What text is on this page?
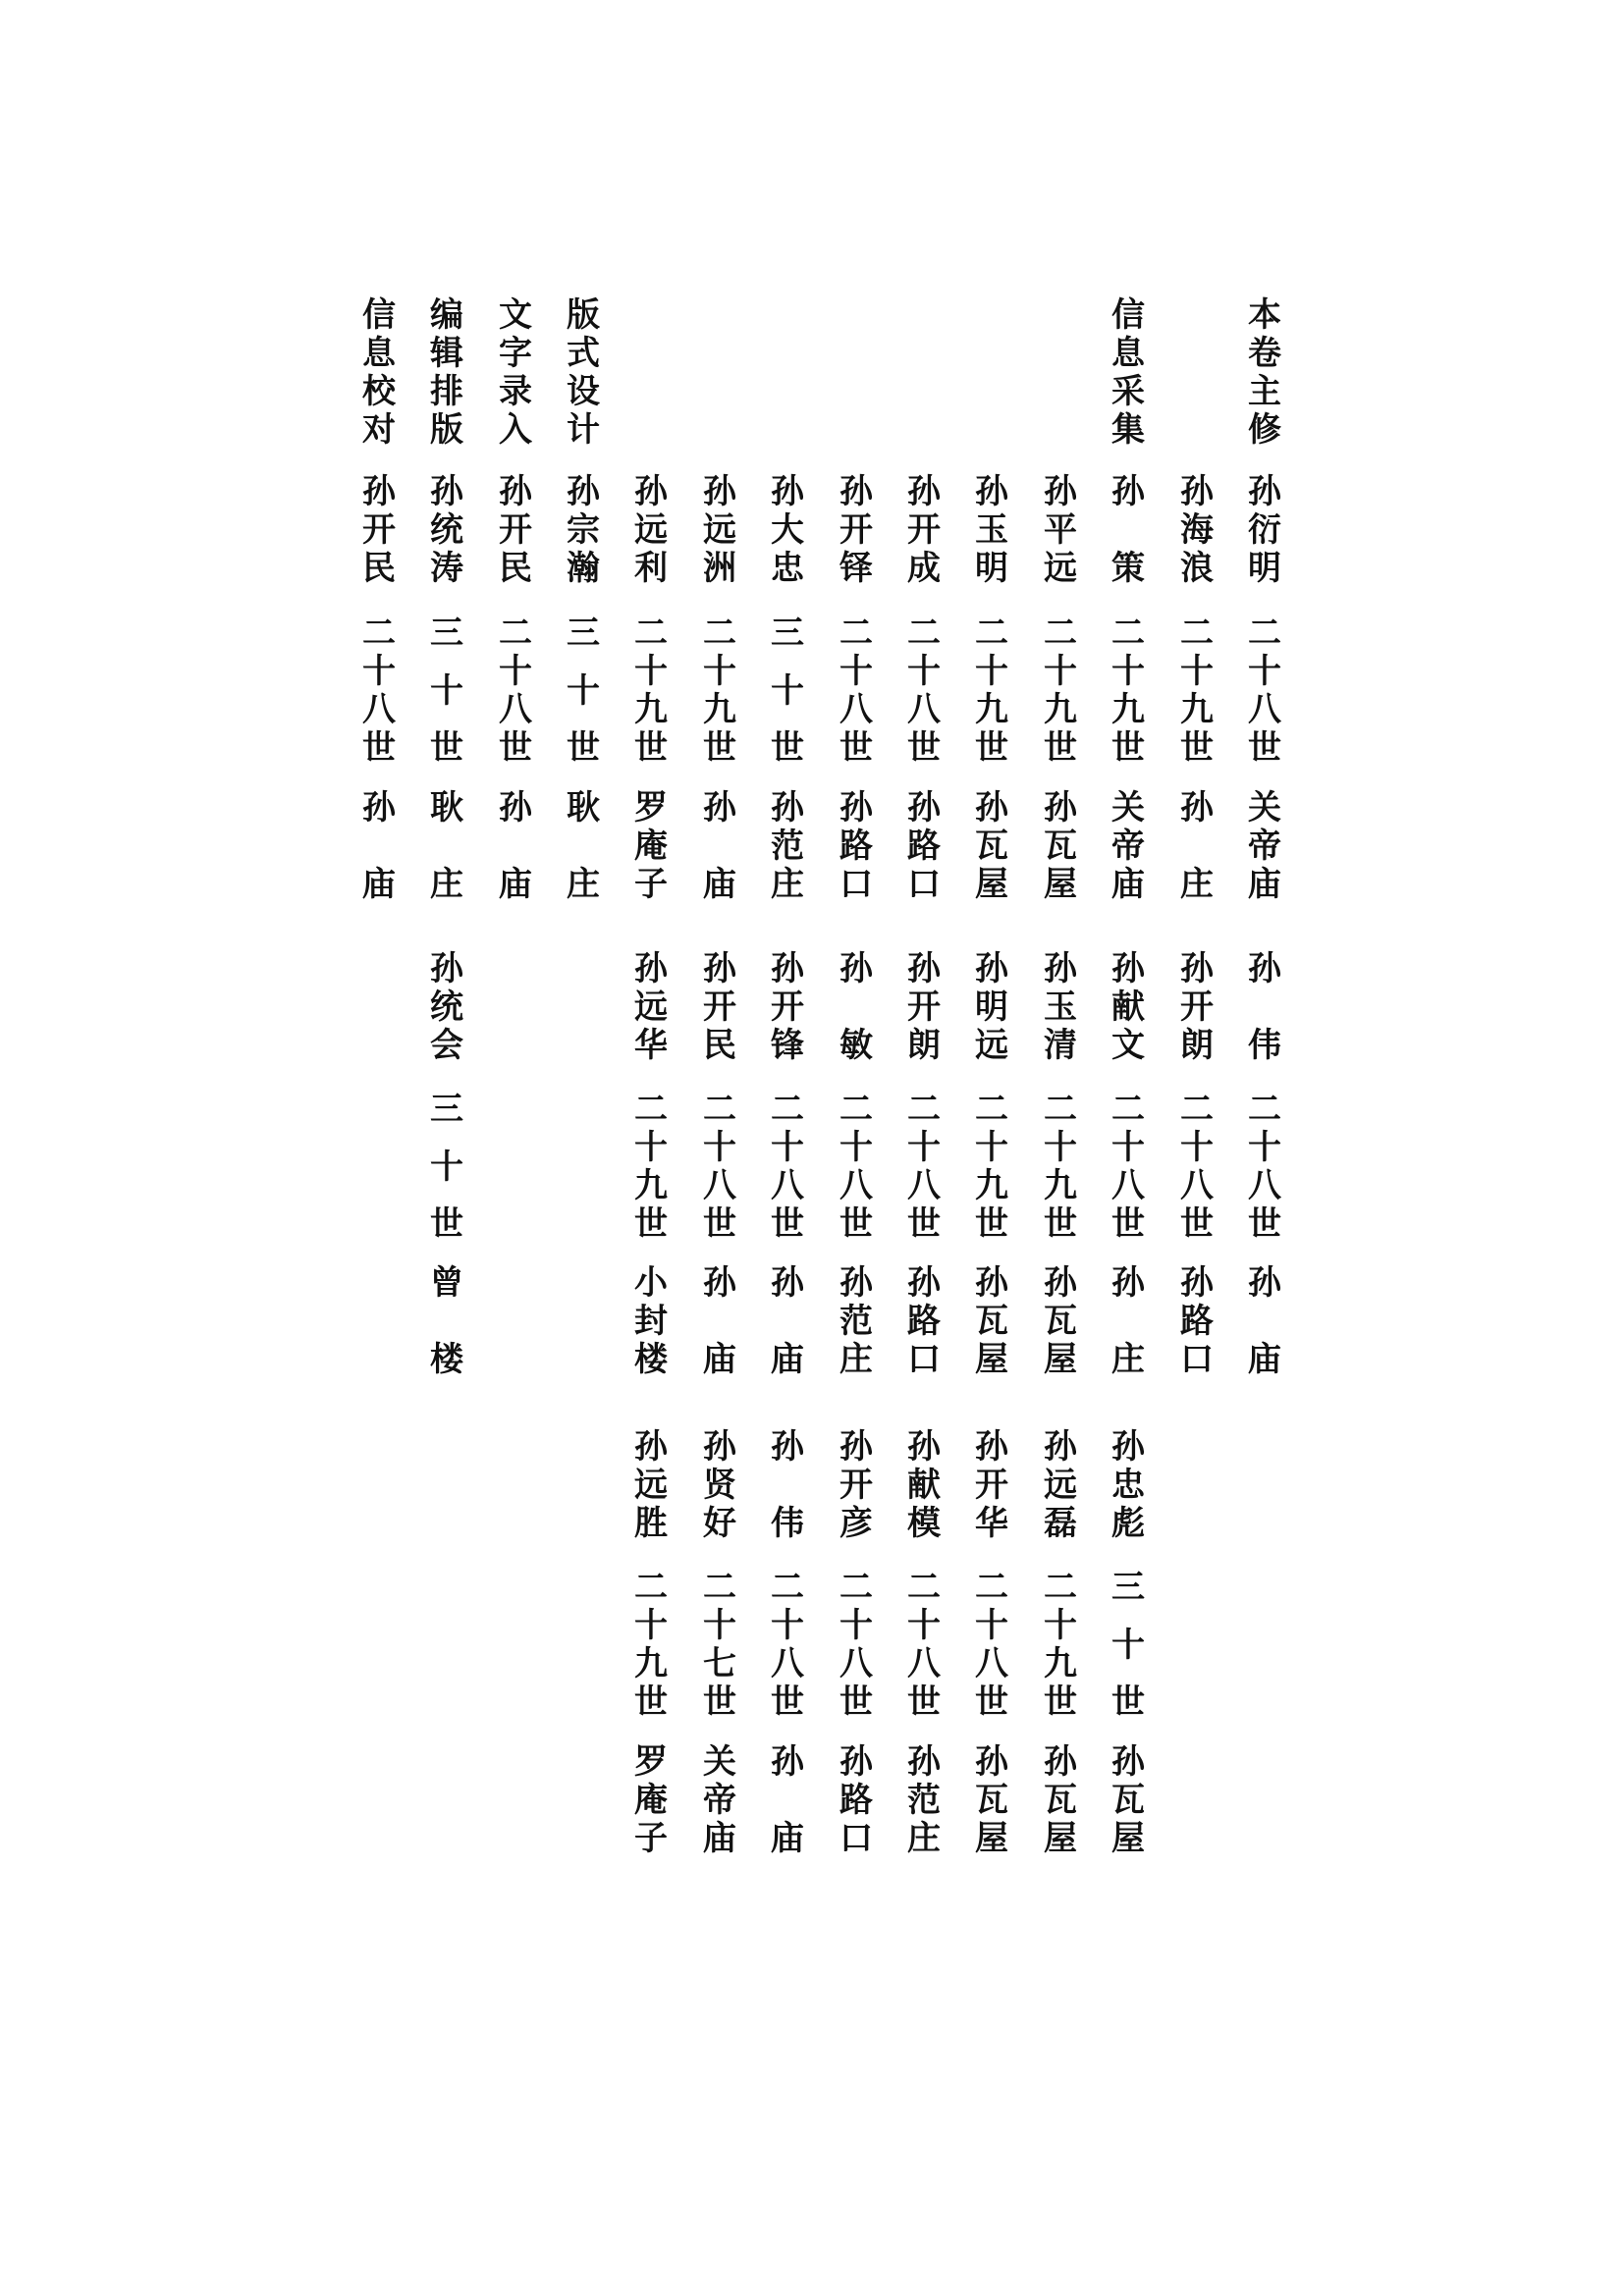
本
卷
主
修
孙
衍
明
二
十
八
世
关
帝
庙
孙
伟
二
十
八
世
孙
庙
孙
海
浪
二
十
九
世
孙
庄
孙
开
朗
二
十
八
世
孙
路
口
信
息
采
集
孙
策
二
十
九
世
关
帝
庙
孙
献
文
二
十
八
世
孙
庄
孙
忠
彪
三
十
世
孙
瓦
屋
孙
平
远
二
十
九
世
孙
瓦
屋
孙
玉
清
二
十
九
世
孙
瓦
屋
孙
远
磊
二
十
九
世
孙
瓦
屋
孙
玉
明
二
十
九
世
孙
瓦
屋
孙
明
远
二
十
九
世
孙
瓦
屋
孙
开
华
二
十
八
世
孙
瓦
屋
孙
开
成
二
十
八
世
孙
路
口
孙
开
朗
二
十
八
世
孙
路
口
孙
献
模
二
十
八
世
孙
范
庄
孙
开
铎
二
十
八
世
孙
路
口
孙
敏
二
十
八
世
孙
范
庄
孙
开
彦
二
十
八
世
孙
路
口
孙
大
忠
三
十
世
孙
范
庄
孙
开
锋
二
十
八
世
孙
庙
孙
伟
二
十
八
世
孙
庙
孙
远
洲
二
十
九
世
孙
庙
孙
开
民
二
十
八
世
孙
庙
孙
贤
好
二
十
七
世
关
帝
庙
孙
远
利
二
十
九
世
罗
庵
子
孙
远
华
二
十
九
世
小
封
楼
孙
远
胜
二
十
九
世
罗
庵
子
版
式
设
计
孙
宗
瀚
三
十
世
耿
庄
文
字
录
入
孙
开
民
二
十
八
世
孙
庙
编
辑
排
版
孙
统
涛
三
十
世
耿
庄
孙
统
会
三
十
世
曾
楼
信
息
校
对
孙
开
民
二
十
八
世
孙
庙
